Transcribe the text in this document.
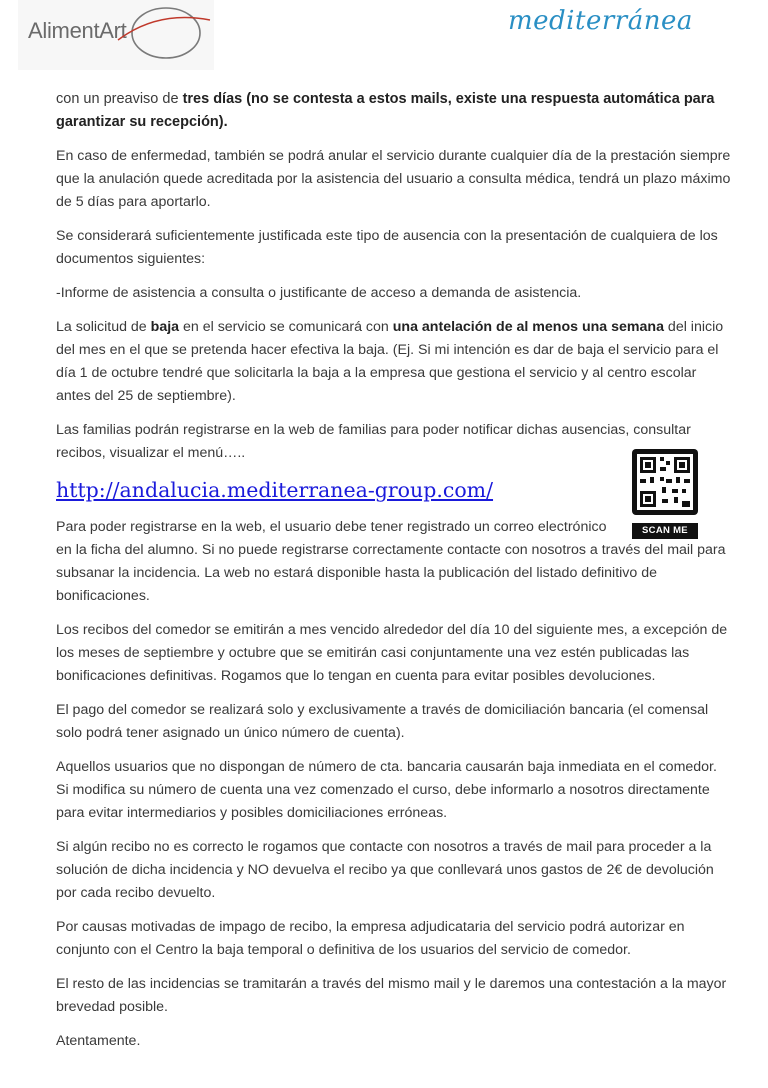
AlimentArt	mediterránea

con un preaviso de tres días (no se contesta a estos mails, existe una respuesta automática para garantizar su recepción).

En caso de enfermedad, también se podrá anular el servicio durante cualquier día de la prestación siempre que la anulación quede acreditada por la asistencia del usuario a consulta médica, tendrá un plazo máximo de 5 días para aportarlo.

Se considerará suficientemente justificada este tipo de ausencia con la presentación de cualquiera de los documentos siguientes:

-Informe de asistencia a consulta o justificante de acceso a demanda de asistencia.

La solicitud de baja en el servicio se comunicará con una antelación de al menos una semana del inicio del mes en el que se pretenda hacer efectiva la baja. (Ej. Si mi intención es dar de baja el servicio para el día 1 de octubre tendré que solicitarla la baja a la empresa que gestiona el servicio y al centro escolar antes del 25 de septiembre).

Las familias podrán registrarse en la web de familias para poder notificar dichas ausencias, consultar recibos, visualizar el menú…..

http://andalucia.mediterranea-group.com/

Para poder registrarse en la web, el usuario debe tener registrado un correo electrónico
en la ficha del alumno. Si no puede registrarse correctamente contacte con nosotros a través del mail para subsanar la incidencia. La web no estará disponible hasta la publicación del listado definitivo de bonificaciones.

Los recibos del comedor se emitirán a mes vencido alrededor del día 10 del siguiente mes, a excepción de los meses de septiembre y octubre que se emitirán casi conjuntamente una vez estén publicadas las bonificaciones definitivas. Rogamos que lo tengan en cuenta para evitar posibles devoluciones.

El pago del comedor se realizará solo y exclusivamente a través de domiciliación bancaria (el comensal solo podrá tener asignado un único número de cuenta).

Aquellos usuarios que no dispongan de número de cta. bancaria causarán baja inmediata en el comedor. Si modifica su número de cuenta una vez comenzado el curso, debe informarlo a nosotros directamente para evitar intermediarios y posibles domiciliaciones erróneas.

Si algún recibo no es correcto le rogamos que contacte con nosotros a través de mail para proceder a la solución de dicha incidencia y NO devuelva el recibo ya que conllevará unos gastos de 2€ de devolución por cada recibo devuelto.

Por causas motivadas de impago de recibo, la empresa adjudicataria del servicio podrá autorizar en conjunto con el Centro la baja temporal o definitiva de los usuarios del servicio de comedor.

El resto de las incidencias se tramitarán a través del mismo mail y le daremos una contestación a la mayor brevedad posible.

Atentamente.

SCAN ME
